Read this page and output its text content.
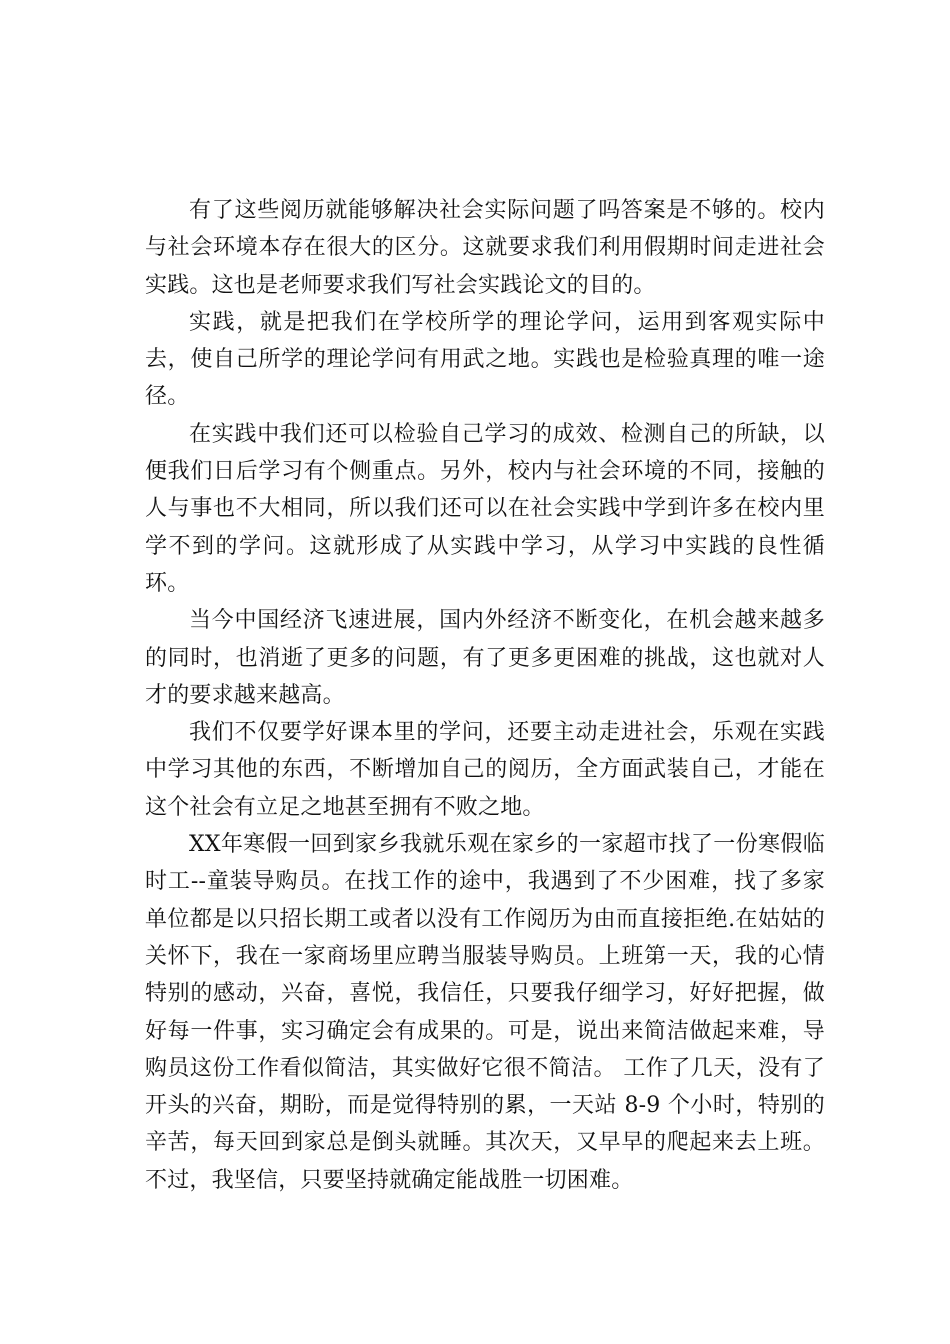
有了这些阅历就能够解决社会实际问题了吗答案是不够的。校内与社会环境本存在很大的区分。这就要求我们利用假期时间走进社会实践。这也是老师要求我们写社会实践论文的目的。

实践，就是把我们在学校所学的理论学问，运用到客观实际中去，使自己所学的理论学问有用武之地。实践也是检验真理的唯一途径。

在实践中我们还可以检验自己学习的成效、检测自己的所缺，以便我们日后学习有个侧重点。另外，校内与社会环境的不同，接触的人与事也不大相同，所以我们还可以在社会实践中学到许多在校内里学不到的学问。这就形成了从实践中学习，从学习中实践的良性循环。

当今中国经济飞速进展，国内外经济不断变化，在机会越来越多的同时，也消逝了更多的问题，有了更多更困难的挑战，这也就对人才的要求越来越高。

我们不仅要学好课本里的学问，还要主动走进社会，乐观在实践中学习其他的东西，不断增加自己的阅历，全方面武装自己，才能在这个社会有立足之地甚至拥有不败之地。

XX年寒假一回到家乡我就乐观在家乡的一家超市找了一份寒假临时工--童装导购员。在找工作的途中，我遇到了不少困难，找了多家单位都是以只招长期工或者以没有工作阅历为由而直接拒绝.在姑姑的关怀下，我在一家商场里应聘当服装导购员。上班第一天，我的心情特别的感动，兴奋，喜悦，我信任，只要我仔细学习，好好把握，做好每一件事，实习确定会有成果的。可是，说出来简洁做起来难，导购员这份工作看似简洁，其实做好它很不简洁。 工作了几天，没有了开头的兴奋，期盼，而是觉得特别的累，一天站 8-9 个小时，特别的辛苦，每天回到家总是倒头就睡。其次天，又早早的爬起来去上班。不过，我坚信，只要坚持就确定能战胜一切困难。
